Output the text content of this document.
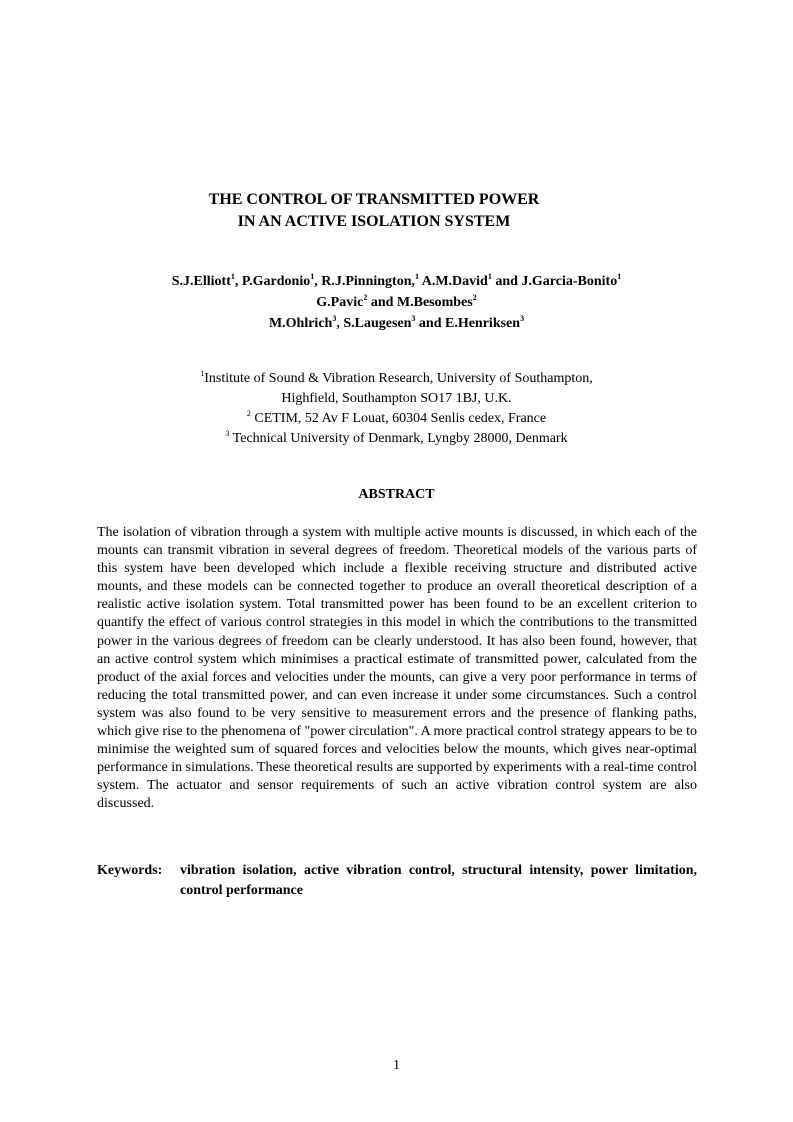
THE CONTROL OF TRANSMITTED POWER
IN AN ACTIVE ISOLATION SYSTEM
S.J.Elliott$^1$, P.Gardonio$^1$, R.J.Pinnington,$^1$ A.M.David$^1$ and J.Garcia-Bonito$^1$
G.Pavic$^2$ and M.Besombes$^2$
M.Ohlrich$^3$, S.Laugesen$^3$ and E.Henriksen$^3$
$^1$Institute of Sound & Vibration Research, University of Southampton,
Highfield, Southampton SO17 1BJ, U.K.
$^2$ CETIM, 52 Av F Louat, 60304 Senlis cedex, France
$^3$ Technical University of Denmark, Lyngby 28000, Denmark
ABSTRACT
The isolation of vibration through a system with multiple active mounts is discussed, in which each of the mounts can transmit vibration in several degrees of freedom. Theoretical models of the various parts of this system have been developed which include a flexible receiving structure and distributed active mounts, and these models can be connected together to produce an overall theoretical description of a realistic active isolation system. Total transmitted power has been found to be an excellent criterion to quantify the effect of various control strategies in this model in which the contributions to the transmitted power in the various degrees of freedom can be clearly understood. It has also been found, however, that an active control system which minimises a practical estimate of transmitted power, calculated from the product of the axial forces and velocities under the mounts, can give a very poor performance in terms of reducing the total transmitted power, and can even increase it under some circumstances. Such a control system was also found to be very sensitive to measurement errors and the presence of flanking paths, which give rise to the phenomena of "power circulation". A more practical control strategy appears to be to minimise the weighted sum of squared forces and velocities below the mounts, which gives near-optimal performance in simulations. These theoretical results are supported by experiments with a real-time control system. The actuator and sensor requirements of such an active vibration control system are also discussed.
Keywords:	vibration isolation, active vibration control, structural intensity, power limitation, control performance
1
